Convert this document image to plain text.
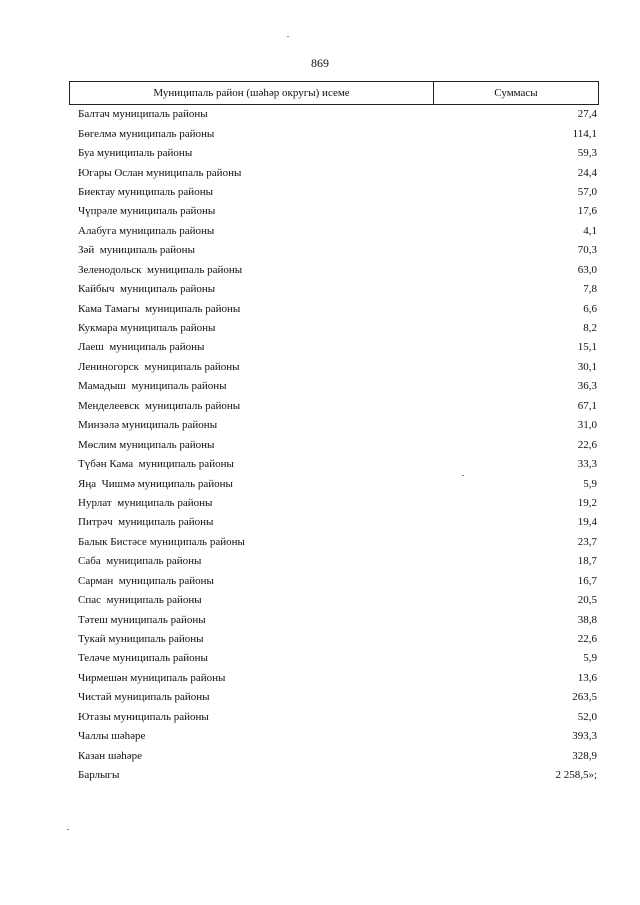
869
Муниципаль район (шәһәр округы) исеме	Суммасы
Балтач муниципаль районы	27,4
Бөгелмә муниципаль районы	114,1
Буа муниципаль районы	59,3
Югары Ослан муниципаль районы	24,4
Биектау муниципаль районы	57,0
Чүпрәле муниципаль районы	17,6
Алабуга муниципаль районы	4,1
Зәй  муниципаль районы	70,3
Зеленодольск  муниципаль районы	63,0
Кайбыч  муниципаль районы	7,8
Кама Тамагы  муниципаль районы	6,6
Кукмара муниципаль районы	8,2
Лаеш  муниципаль районы	15,1
Лениногорск  муниципаль районы	30,1
Мамадыш  муниципаль районы	36,3
Менделеевск  муниципаль районы	67,1
Минзәлә муниципаль районы	31,0
Мөслим муниципаль районы	22,6
Түбән Кама  муниципаль районы	33,3
Яңа  Чишмә муниципаль районы	5,9
Нурлат  муниципаль районы	19,2
Питрәч  муниципаль районы	19,4
Балык Бистәсе муниципаль районы	23,7
Саба  муниципаль районы	18,7
Сарман  муниципаль районы	16,7
Спас  муниципаль районы	20,5
Тәтеш муниципаль районы	38,8
Тукай муниципаль районы	22,6
Теләче муниципаль районы	5,9
Чирмешән муниципаль районы	13,6
Чистай муниципаль районы	263,5
Ютазы муниципаль районы	52,0
Чаллы шәһәре	393,3
Казан шәһәре	328,9
Барлыгы	2 258,5»;
